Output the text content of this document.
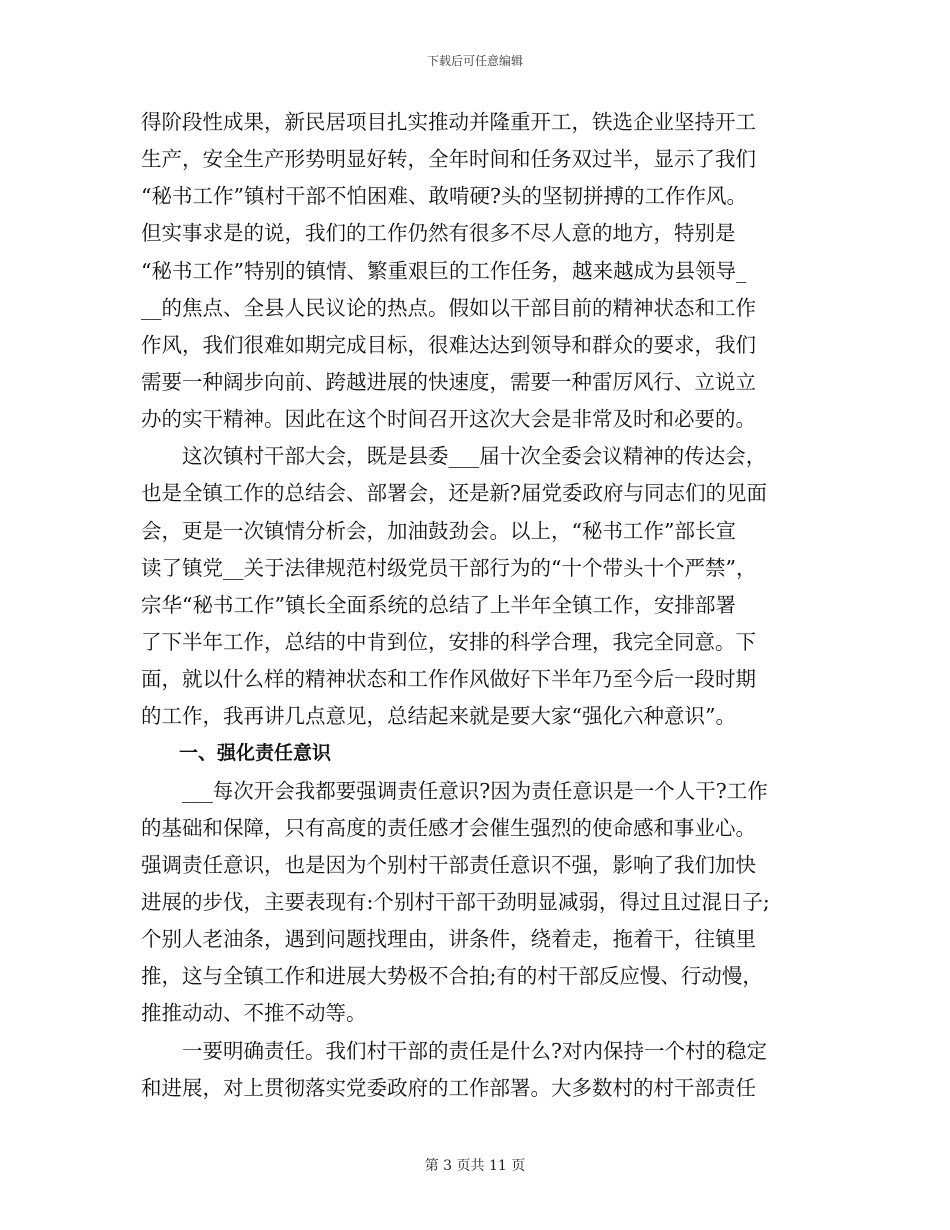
下载后可任意编辑
得阶段性成果，新民居项目扎实推动并隆重开工，铁选企业坚持开工
生产，安全生产形势明显好转，全年时间和任务双过半，显示了我们
“秘书工作”镇村干部不怕困难、敢啃硬?头的坚韧拼搏的工作作风。
但实事求是的说，我们的工作仍然有很多不尽人意的地方，特别是
“秘书工作”特别的镇情、繁重艰巨的工作任务，越来越成为县领导_
__的焦点、全县人民议论的热点。假如以干部目前的精神状态和工作
作风，我们很难如期完成目标，很难达达到领导和群众的要求，我们
需要一种阔步向前、跨越进展的快速度，需要一种雷厉风行、立说立
办的实干精神。因此在这个时间召开这次大会是非常及时和必要的。
　　这次镇村干部大会，既是县委___届十次全委会议精神的传达会，
也是全镇工作的总结会、部署会，还是新?届党委政府与同志们的见面
会，更是一次镇情分析会，加油鼓劲会。以上，“秘书工作”部长宣
读了镇党__关于法律规范村级党员干部行为的“十个带头十个严禁”，
宗华“秘书工作”镇长全面系统的总结了上半年全镇工作，安排部署
了下半年工作，总结的中肯到位，安排的科学合理，我完全同意。下
面，就以什么样的精神状态和工作作风做好下半年乃至今后一段时期
的工作，我再讲几点意见，总结起来就是要大家“强化六种意识”。
　　一、强化责任意识
　　___每次开会我都要强调责任意识?因为责任意识是一个人干?工作
的基础和保障，只有高度的责任感才会催生强烈的使命感和事业心。
强调责任意识，也是因为个别村干部责任意识不强，影响了我们加快
进展的步伐，主要表现有:个别村干部干劲明显减弱，得过且过混日子;
个别人老油条，遇到问题找理由，讲条件，绕着走，拖着干，往镇里
推，这与全镇工作和进展大势极不合拍;有的村干部反应慢、行动慢，
推推动动、不推不动等。
　　一要明确责任。我们村干部的责任是什么?对内保持一个村的稳定
和进展，对上贯彻落实党委政府的工作部署。大多数村的村干部责任
第 3 页共 11 页
